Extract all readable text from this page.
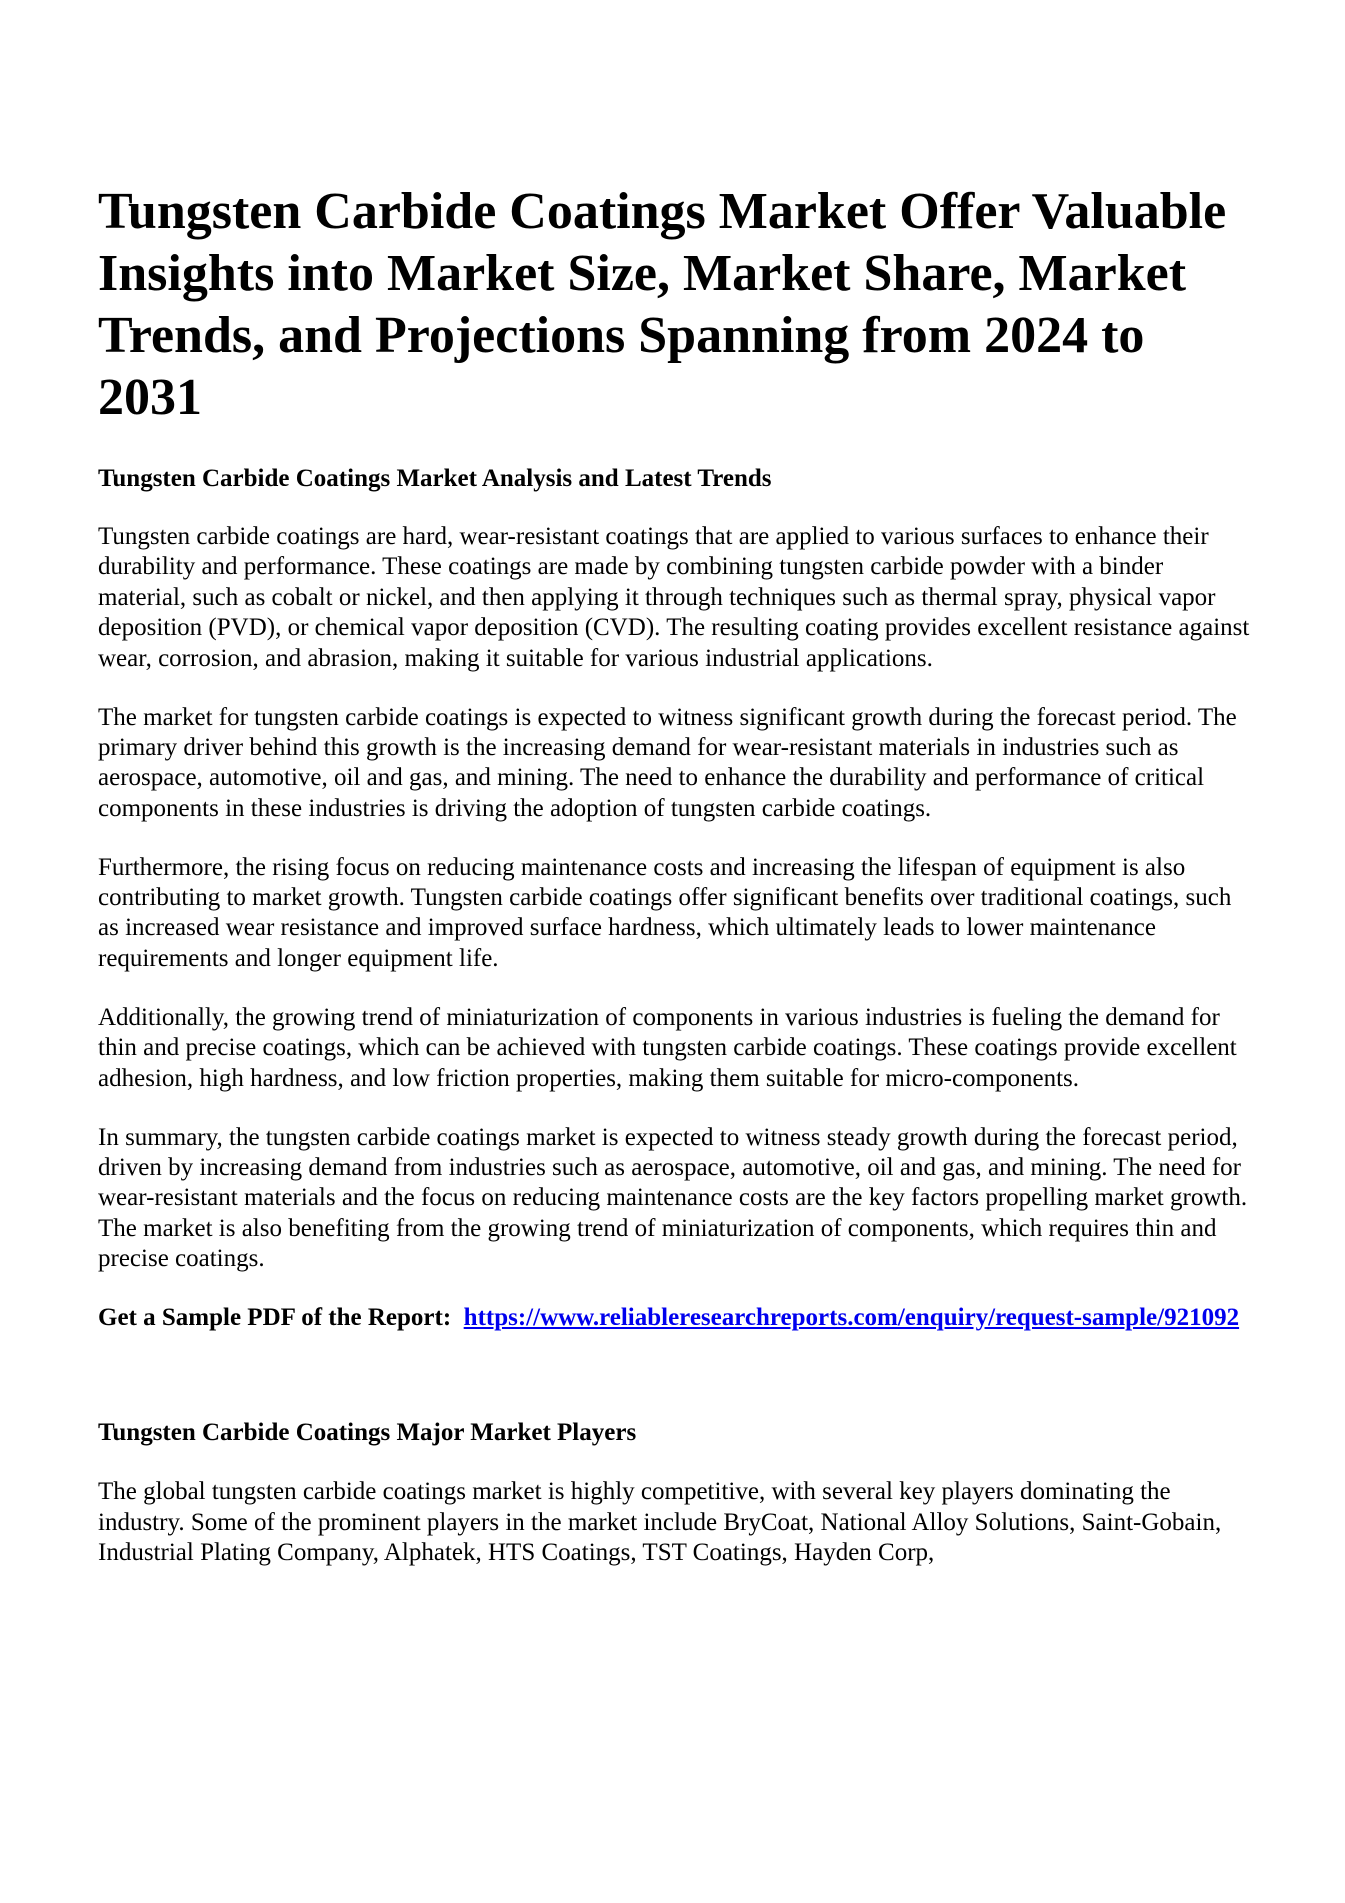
Tungsten Carbide Coatings Market Offer Valuable Insights into Market Size, Market Share, Market Trends, and Projections Spanning from 2024 to 2031
Tungsten Carbide Coatings Market Analysis and Latest Trends

Tungsten carbide coatings are hard, wear-resistant coatings that are applied to various surfaces to enhance their durability and performance. These coatings are made by combining tungsten carbide powder with a binder material, such as cobalt or nickel, and then applying it through techniques such as thermal spray, physical vapor deposition (PVD), or chemical vapor deposition (CVD). The resulting coating provides excellent resistance against wear, corrosion, and abrasion, making it suitable for various industrial applications.

The market for tungsten carbide coatings is expected to witness significant growth during the forecast period. The primary driver behind this growth is the increasing demand for wear-resistant materials in industries such as aerospace, automotive, oil and gas, and mining. The need to enhance the durability and performance of critical components in these industries is driving the adoption of tungsten carbide coatings.

Furthermore, the rising focus on reducing maintenance costs and increasing the lifespan of equipment is also contributing to market growth. Tungsten carbide coatings offer significant benefits over traditional coatings, such as increased wear resistance and improved surface hardness, which ultimately leads to lower maintenance requirements and longer equipment life.

Additionally, the growing trend of miniaturization of components in various industries is fueling the demand for thin and precise coatings, which can be achieved with tungsten carbide coatings. These coatings provide excellent adhesion, high hardness, and low friction properties, making them suitable for micro-components.

In summary, the tungsten carbide coatings market is expected to witness steady growth during the forecast period, driven by increasing demand from industries such as aerospace, automotive, oil and gas, and mining. The need for wear-resistant materials and the focus on reducing maintenance costs are the key factors propelling market growth. The market is also benefiting from the growing trend of miniaturization of components, which requires thin and precise coatings.

Get a Sample PDF of the Report: https://www.reliableresearchreports.com/enquiry/request-sample/921092

Tungsten Carbide Coatings Major Market Players

The global tungsten carbide coatings market is highly competitive, with several key players dominating the industry. Some of the prominent players in the market include BryCoat, National Alloy Solutions, Saint-Gobain, Industrial Plating Company, Alphatek, HTS Coatings, TST Coatings, Hayden Corp,
